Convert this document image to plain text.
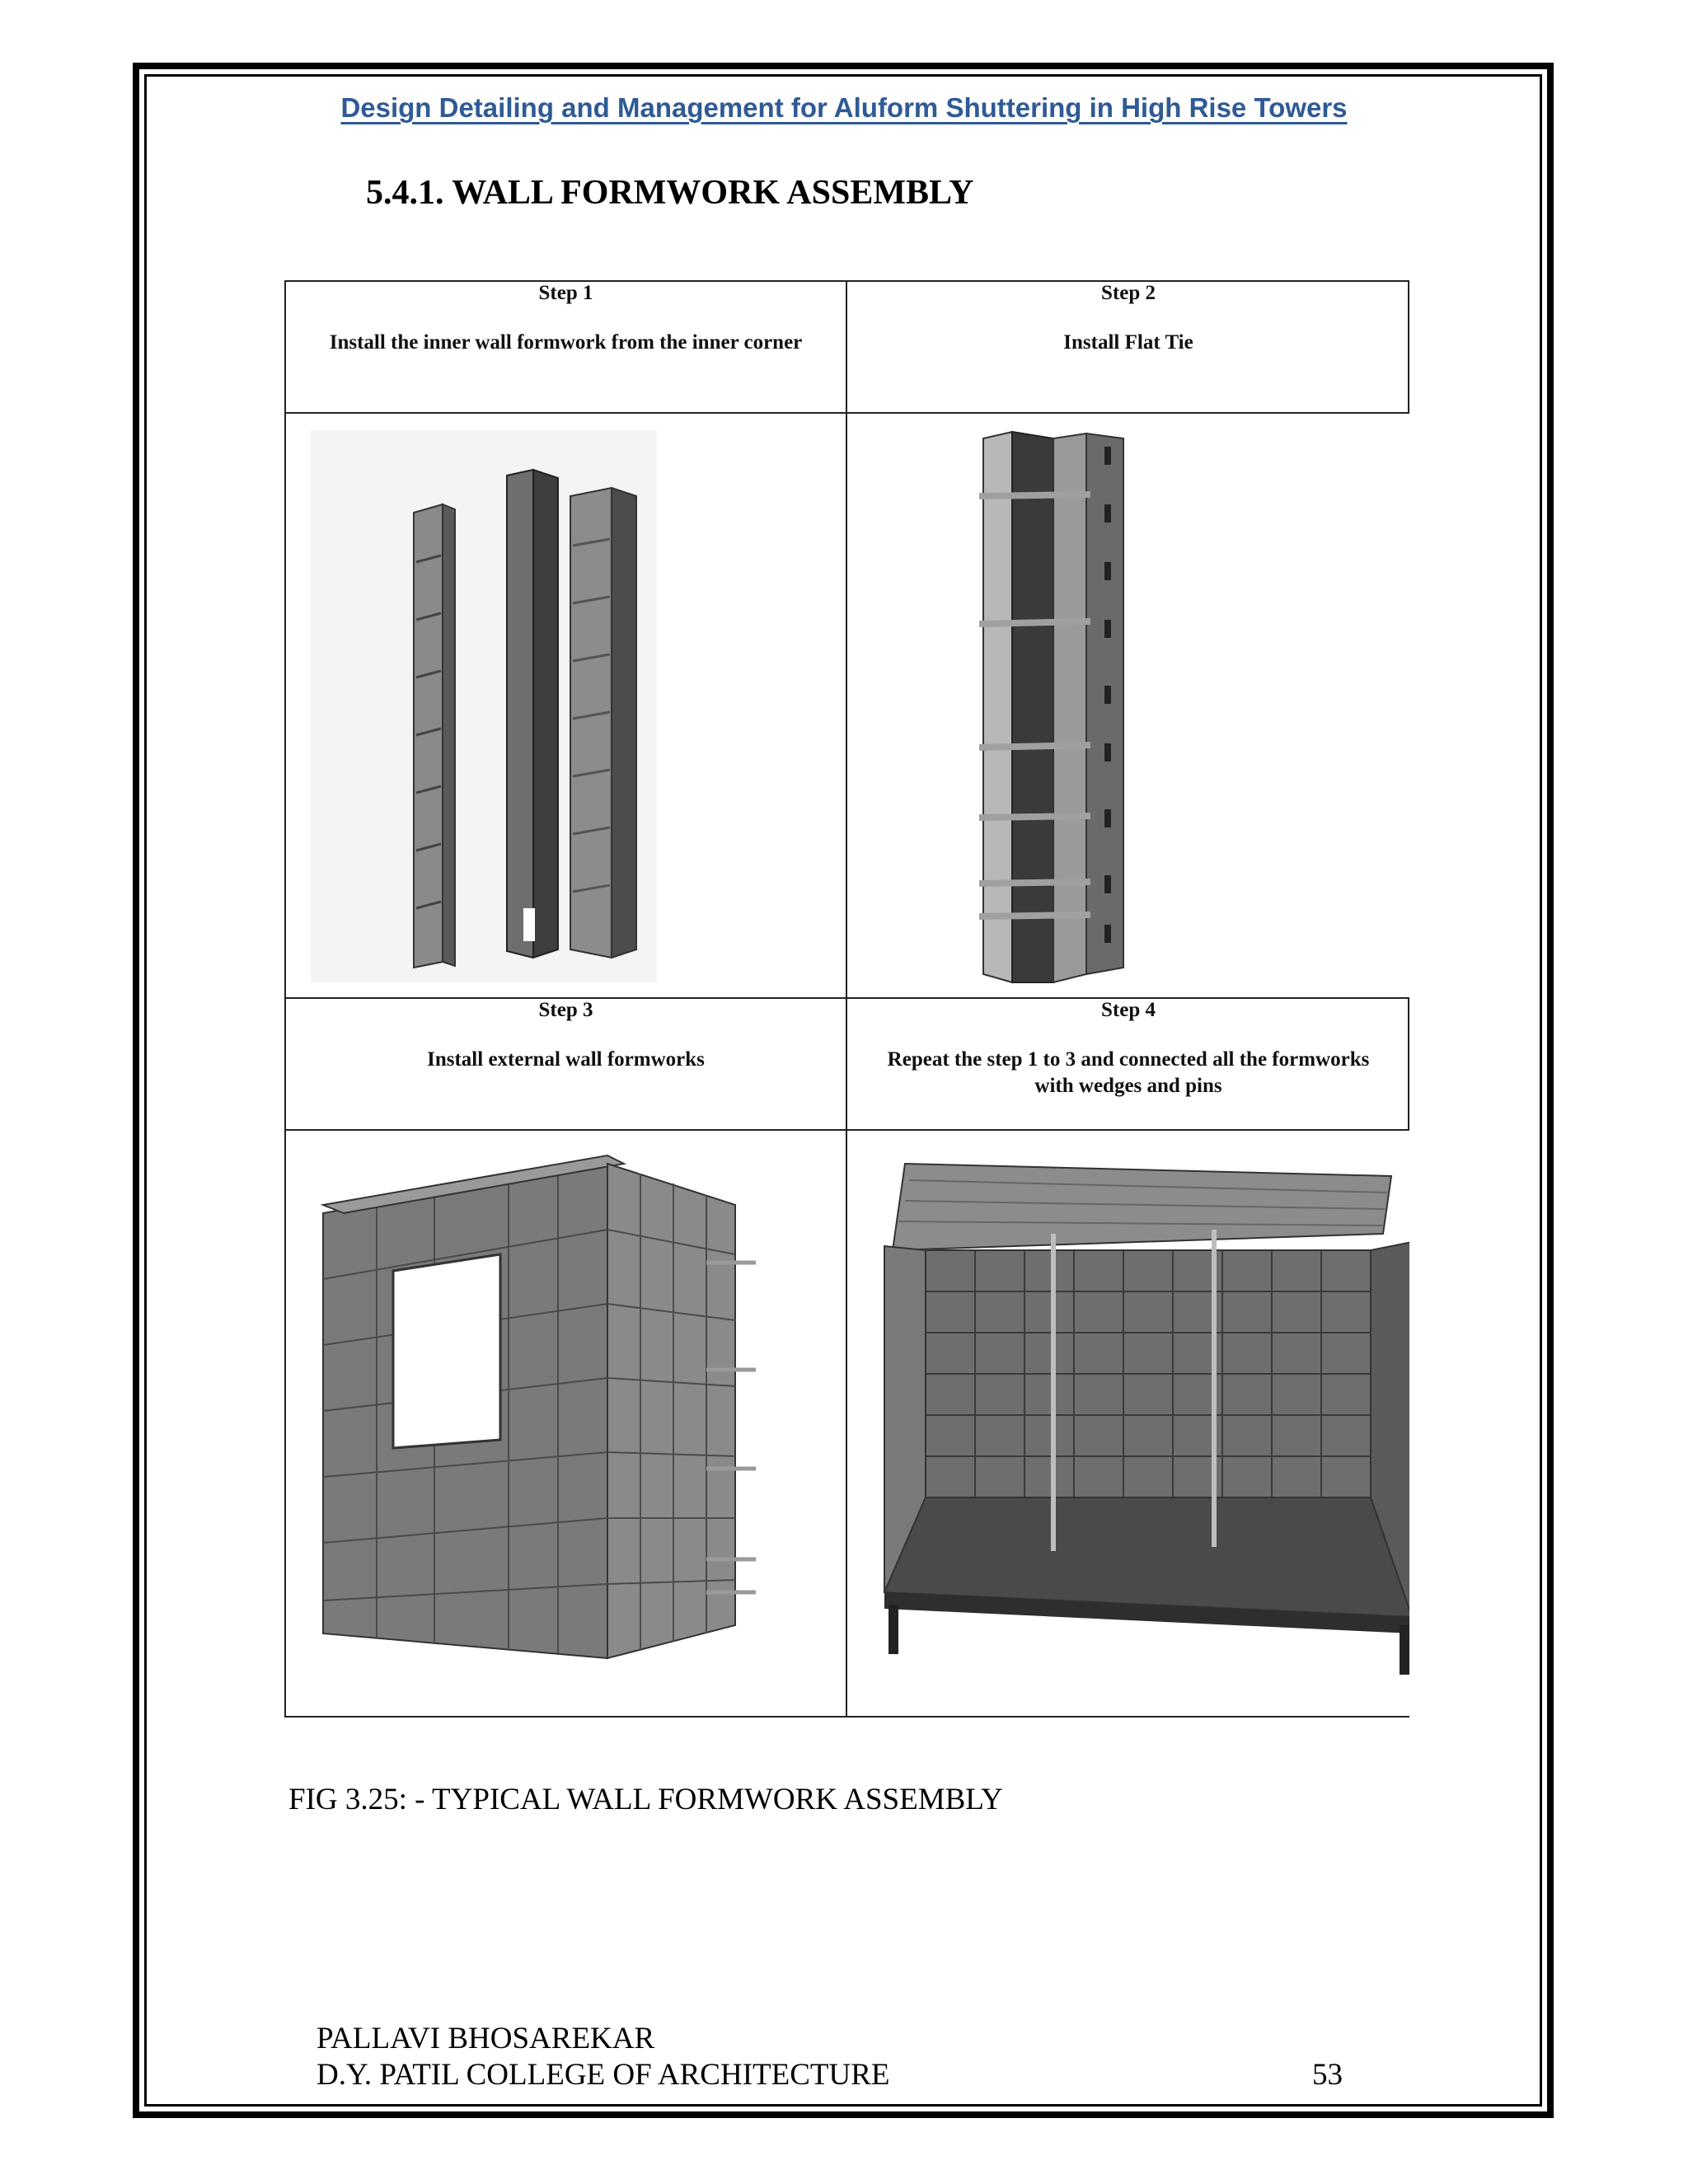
Design Detailing and Management for Aluform Shuttering in High Rise Towers
5.4.1. WALL FORMWORK ASSEMBLY
Step 1
Install the inner wall formwork from the inner corner
Step 2
Install Flat Tie
Step 3
Install external wall formworks
Step 4
Repeat the step 1 to 3 and connected all the formworks with wedges and pins
FIG 3.25: - TYPICAL WALL FORMWORK ASSEMBLY
PALLAVI BHOSAREKAR
D.Y. PATIL COLLEGE OF ARCHITECTURE	53
